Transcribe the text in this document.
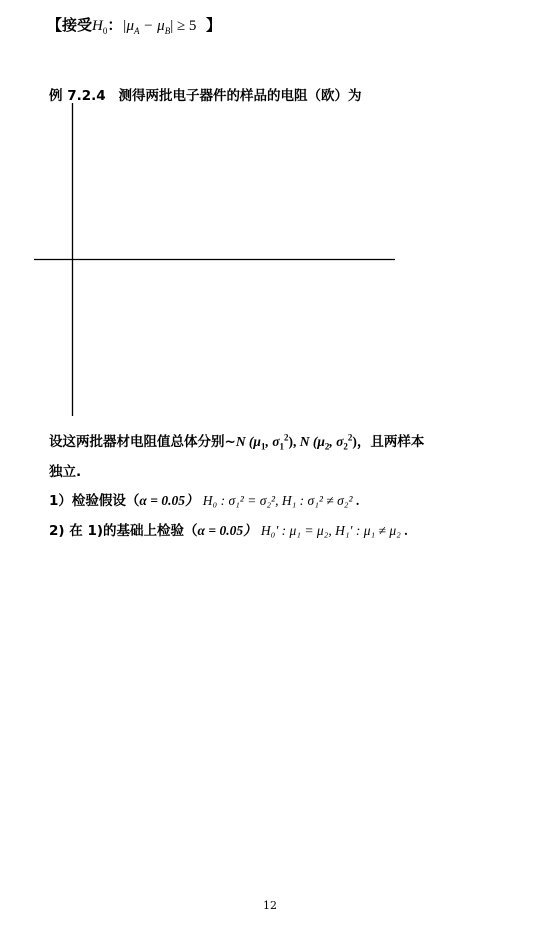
【接受$H_0$：$|\mu_A - \mu_B| \ge 5$ 】
例 7.2.4 测得两批电子器件的样品的电阻（欧）为
设这两批器材电阻值总体分别~N ($\mu_1$, $\sigma_1^2$), N ($\mu_2$, $\sigma_2^2$)，且两样本
独立.
1）检验假设（α = 0.05） H₀ : σ₁² = σ₂², H₁ : σ₁² ≠ σ₂² .
2) 在 1)的基础上检验（α = 0.05） H₀′ : μ₁ = μ₂, H₁′ : μ₁ ≠ μ₂ .
12
